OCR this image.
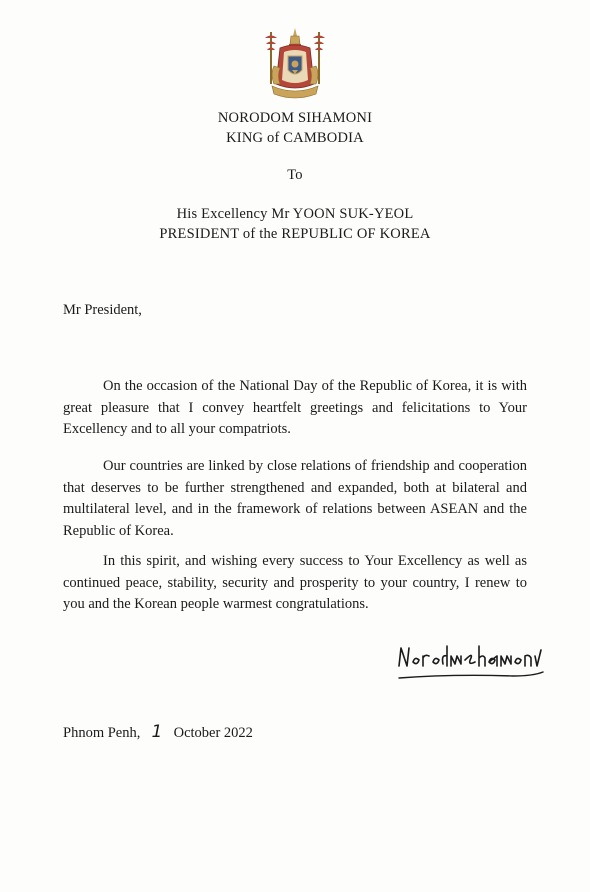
NORODOM SIHAMONI
KING of CAMBODIA
To
His Excellency Mr YOON SUK-YEOL
PRESIDENT of the REPUBLIC OF KOREA
Mr President,

On the occasion of the National Day of the Republic of Korea, it is with great pleasure that I convey heartfelt greetings and felicitations to Your Excellency and to all your compatriots.

Our countries are linked by close relations of friendship and cooperation that deserves to be further strengthened and expanded, both at bilateral and multilateral level, and in the framework of relations between ASEAN and the Republic of Korea.

In this spirit, and wishing every success to Your Excellency as well as continued peace, stability, security and prosperity to your country, I renew to you and the Korean people warmest congratulations.

Phnom Penh, 1 October 2022
